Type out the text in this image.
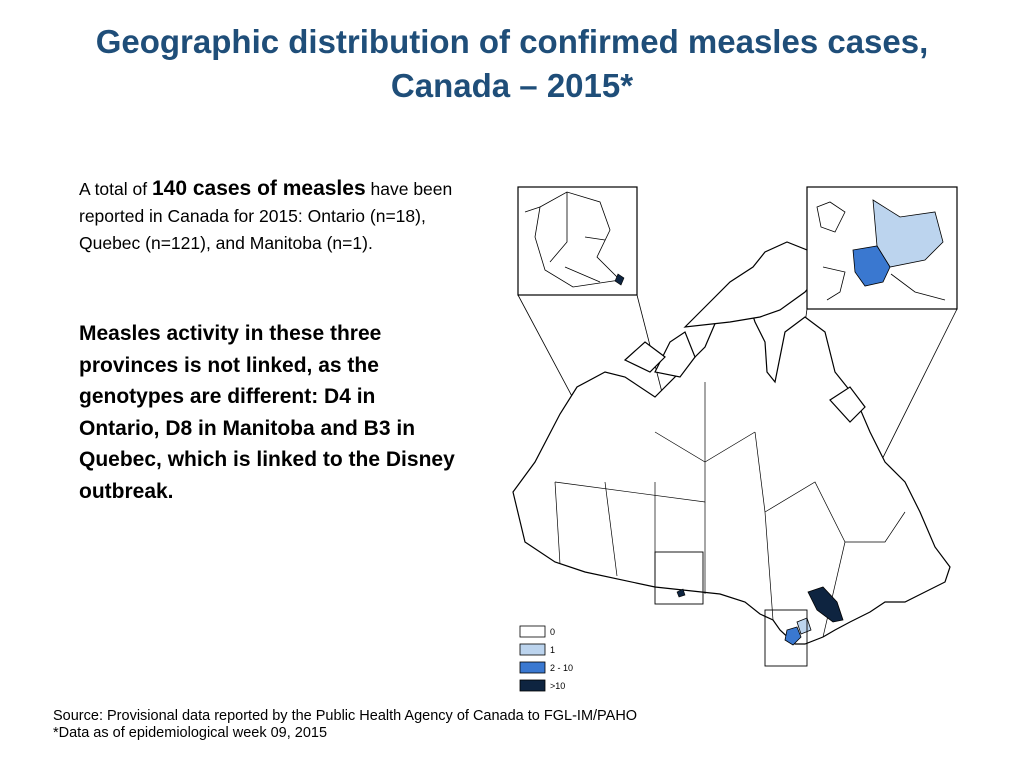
Geographic distribution of confirmed measles cases,
Canada – 2015*
A total of 140 cases of measles have been reported in Canada for 2015: Ontario (n=18), Quebec (n=121), and Manitoba (n=1).
Measles activity in these three provinces is not linked, as the genotypes are different: D4 in Ontario, D8 in Manitoba and B3 in Quebec, which is linked to the Disney outbreak.
0
1
2 - 10
>10
Source: Provisional data reported by the Public Health Agency of Canada to FGL-IM/PAHO
*Data as of epidemiological week 09, 2015
